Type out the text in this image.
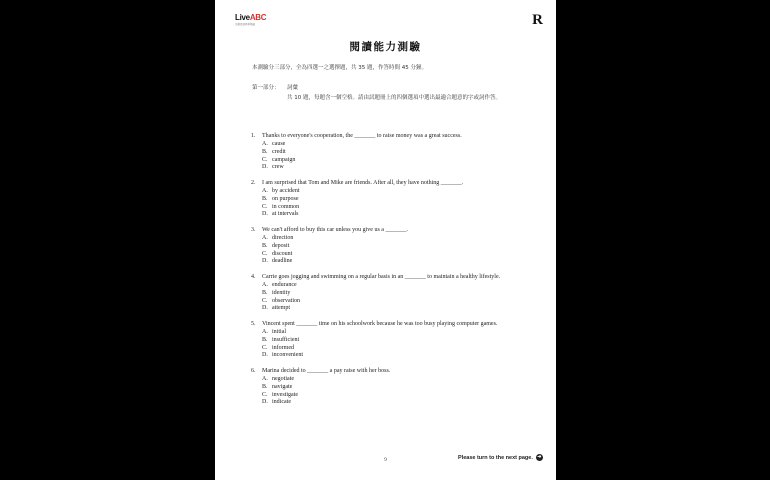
LiveABC
互動英語教學集團	R
閱讀能力測驗
本測驗分三部分，全為四選一之選擇題，共 35 題，作答時間 45 分鐘。
第一部分： 詞彙
共 10 題，每題含一個空格。請由試題冊上的四個選項中選出最適合題意的字或詞作答。
1. Thanks to everyone's cooperation, the _______ to raise money was a great success.
A. cause
B. credit
C. campaign
D. crew
2. I am surprised that Tom and Mike are friends. After all, they have nothing _______.
A. by accident
B. on purpose
C. in common
D. at intervals
3. We can't afford to buy this car unless you give us a _______.
A. direction
B. deposit
C. discount
D. deadline
4. Carrie goes jogging and swimming on a regular basis in an _______ to maintain a healthy lifestyle.
A. endurance
B. identity
C. observation
D. attempt
5. Vincent spent _______ time on his schoolwork because he was too busy playing computer games.
A. initial
B. insufficient
C. informed
D. inconvenient
6. Marina decided to _______ a pay raise with her boss.
A. negotiate
B. navigate
C. investigate
D. indicate
9	Please turn to the next page. ➜
